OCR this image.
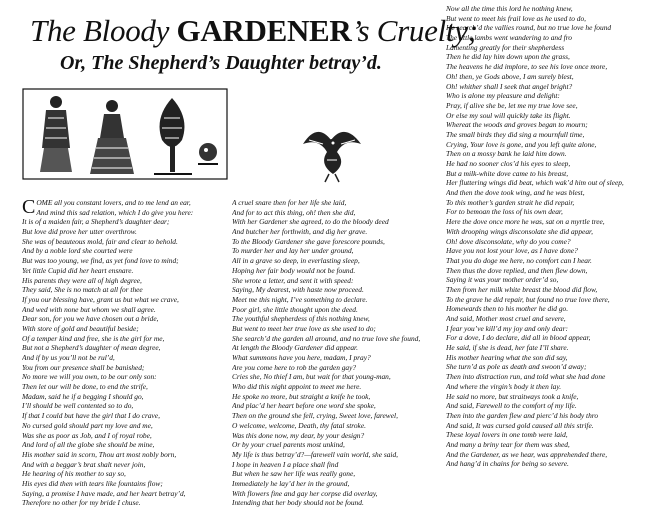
The Bloody GARDENER’s Cruelty;
Or, The Shepherd’s Daughter betray’d.
C OME all you constant lovers, and to me lend an ear,
And mind this sad relation, which I do give you here:
It is of a maiden fair, a Shepherd’s daughter dear;
But love did prove her utter overthrow.
She was of beauteous mold, fair and clear to behold.
And by a noble lord she courted were
But was too young, we find, as yet fond love to mind;
Yet little Cupid did her heart ensnare.
His parents they were all of high degree,
They said, She is no match at all for thee
If you our blessing have, grant us but what we crave,
And wed with none but whom we shall agree.
Dear son, for you we have chosen out a bride,
With store of gold and beautiful beside;
Of a temper kind and free, she is the girl for me,
But not a Shepherd’s daughter of mean degree,
And if by us you’ll not be rul’d,
You from our presence shall be banished;
No more we will you own, to be our only son:
Then let our will be done, to end the strife,
Madam, said he if a begging I should go,
I’ll should be well contented so to do,
If that I could but have the girl that I do crave,
No cursed gold should part my love and me,
Was she as poor as Job, and I of royal robe,
And lord of all the globe she should be mine,
His mother said in scorn, Thou art most nobly born,
And with a beggar’s brat shalt never join,
He hearing of his mother to say so,
His eyes did then with tears like fountains flow;
Saying, a promise I have made, and her heart betray’d,
Therefore no other for my bride I chuse.
A cruel snare then for her life she laid,
And for to act this thing, oh! then she did,
With her Gardener she agreed, to do the bloody deed
And butcher her forthwith, and dig her grave.
To the Bloody Gardener she gave forescore pounds,
To murder her and lay her under ground,
All in a grave so deep, in everlasting sleep,
Hoping her fair body would not be found.
She wrote a letter, and sent it with speed:
Saying, My dearest, with haste now proceed.
Meet me this night, I’ve something to declare.
Poor girl, she little thought upon the deed.
The youthful shepherdess of this nothing knew,
But went to meet her true love as she used to do;
She search’d the garden all around, and no true love she found,
At length the Bloody Gardener did appear.
What summons have you here, madam, I pray?
Are you come here to rob the garden gay?
Cries she, No thief I am, but wait for that young-man,
Who did this night appoint to meet me here.
He spoke no more, but straight a knife he took,
And plac’d her heart before one word she spoke,
Then on the ground she fell, crying, Sweet love, farewel,
O welcome, welcome, Death, thy fatal stroke.
Was this done now, my dear, by your design?
Or by your cruel parents most unkind,
My life is thus betray’d?—farewell vain world, she said,
I hope in heaven I a place shall find
But when he saw her life was really gone,
Immediately he lay’d her in the ground,
With flowers fine and gay her corpse did overlay,
Intending that her body should not be found.
Now all the time this lord he nothing knew,
But went to meet his frail love as he used to do,
He search’d the vallies round, but no true love he found
The little lambs went wandering to and fro
Lamenting greatly for their shepherdess
Then he did lay him down upon the grass,
The heavens he did implore, to see his love once more,
Oh! then, ye Gods above, I am surely blest,
Oh! whither shall I seek that angel bright?
Who is alone my pleasure and delight:
Pray, if alive she be, let me my true love see,
Or else my soul will quickly take its flight.
Whereat the woods and groves began to mourn;
The small birds they did sing a mournfull time,
Crying, Your love is gone, and you left quite alone,
Then on a mossy bank he laid him down.
He had no sooner clos’d his eyes to sleep,
But a milk-white dove came to his breast,
Her fluttering wings did beat, which wak’d him out of sleep,
And then the dove took wing, and he was blest,
To this mother’s garden strait he did repair,
For to bemoan the loss of his own dear,
Here the dove once more he was, sat on a myrtle tree,
With drooping wings disconsolate she did appear,
Oh! dove disconsolate, why do you come?
Have you not lost your love, as I have done?
That you do doge me here, no comfort can I hear.
Then thus the dove replied, and then flew down,
Saying it was your mother order’d so,
Then from her milk white breast the blood did flow,
To the grave he did repair, but found no true love there,
Homewards then to his mother he did go.
And said, Mother most cruel and severe,
I fear you’ve kill’d my joy and only dear:
For a dove, I do declare, did all in blood appear,
He said, if she is dead, her fate I’ll share.
His mother hearing what the son did say,
She turn’d as pole as death and swoon’d away;
Then into distraction run, and told what she had done
And where the virgin’s body it then lay.
He said no more, but straitways took a knife,
And said, Farewell to the comfort of my life.
Then into the garden flew and pierc’d his body thro
And said, It was cursed gold caused all this strife.
These loyal lovers in one tomb were laid,
And many a briny tear for them was shed,
And the Gardener, as we hear, was apprehended there,
And hang’d in chains for being so severe.
